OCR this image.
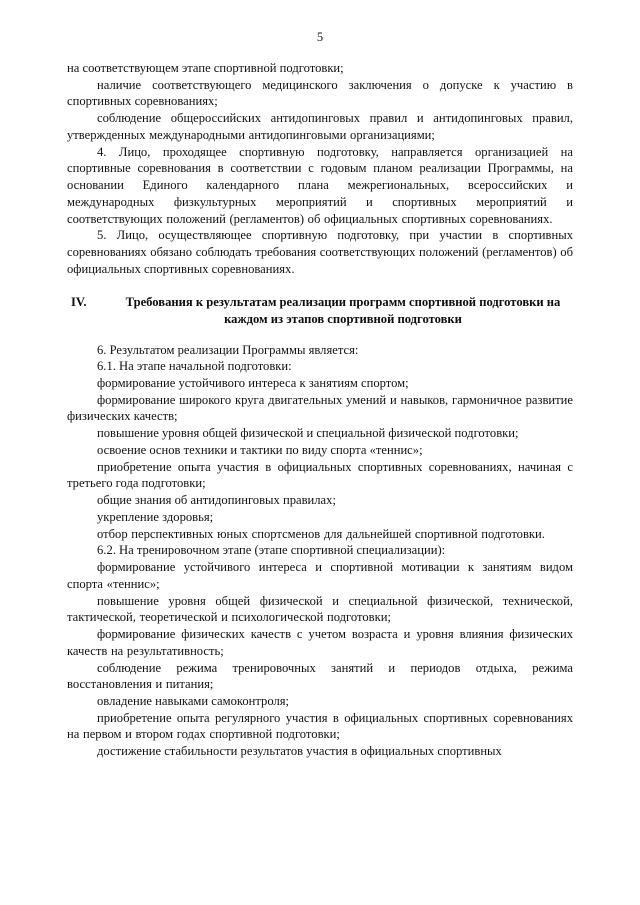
5

на соответствующем этапе спортивной подготовки;

наличие соответствующего медицинского заключения о допуске к участию в спортивных соревнованиях;

соблюдение общероссийских антидопинговых правил и антидопинговых правил, утвержденных международными антидопинговыми организациями;

4. Лицо, проходящее спортивную подготовку, направляется организацией на спортивные соревнования в соответствии с годовым планом реализации Программы, на основании Единого календарного плана межрегиональных, всероссийских и международных физкультурных мероприятий и спортивных мероприятий и соответствующих положений (регламентов) об официальных спортивных соревнованиях.

5. Лицо, осуществляющее спортивную подготовку, при участии в спортивных соревнованиях обязано соблюдать требования соответствующих положений (регламентов) об официальных спортивных соревнованиях.

IV.	Требования к результатам реализации программ спортивной подготовки на каждом из этапов спортивной подготовки

6. Результатом реализации Программы является:

6.1. На этапе начальной подготовки:

формирование устойчивого интереса к занятиям спортом;

формирование широкого круга двигательных умений и навыков, гармоничное развитие физических качеств;

повышение уровня общей физической и специальной физической подготовки;

освоение основ техники и тактики по виду спорта «теннис»;

приобретение опыта участия в официальных спортивных соревнованиях, начиная с третьего года подготовки;

общие знания об антидопинговых правилах;

укрепление здоровья;

отбор перспективных юных спортсменов для дальнейшей спортивной подготовки.

6.2. На тренировочном этапе (этапе спортивной специализации):

формирование устойчивого интереса и спортивной мотивации к занятиям видом спорта «теннис»;

повышение уровня общей физической и специальной физической, технической, тактической, теоретической и психологической подготовки;

формирование физических качеств с учетом возраста и уровня влияния физических качеств на результативность;

соблюдение режима тренировочных занятий и периодов отдыха, режима восстановления и питания;

овладение навыками самоконтроля;

приобретение опыта регулярного участия в официальных спортивных соревнованиях на первом и втором годах спортивной подготовки;

достижение стабильности результатов участия в официальных спортивных
